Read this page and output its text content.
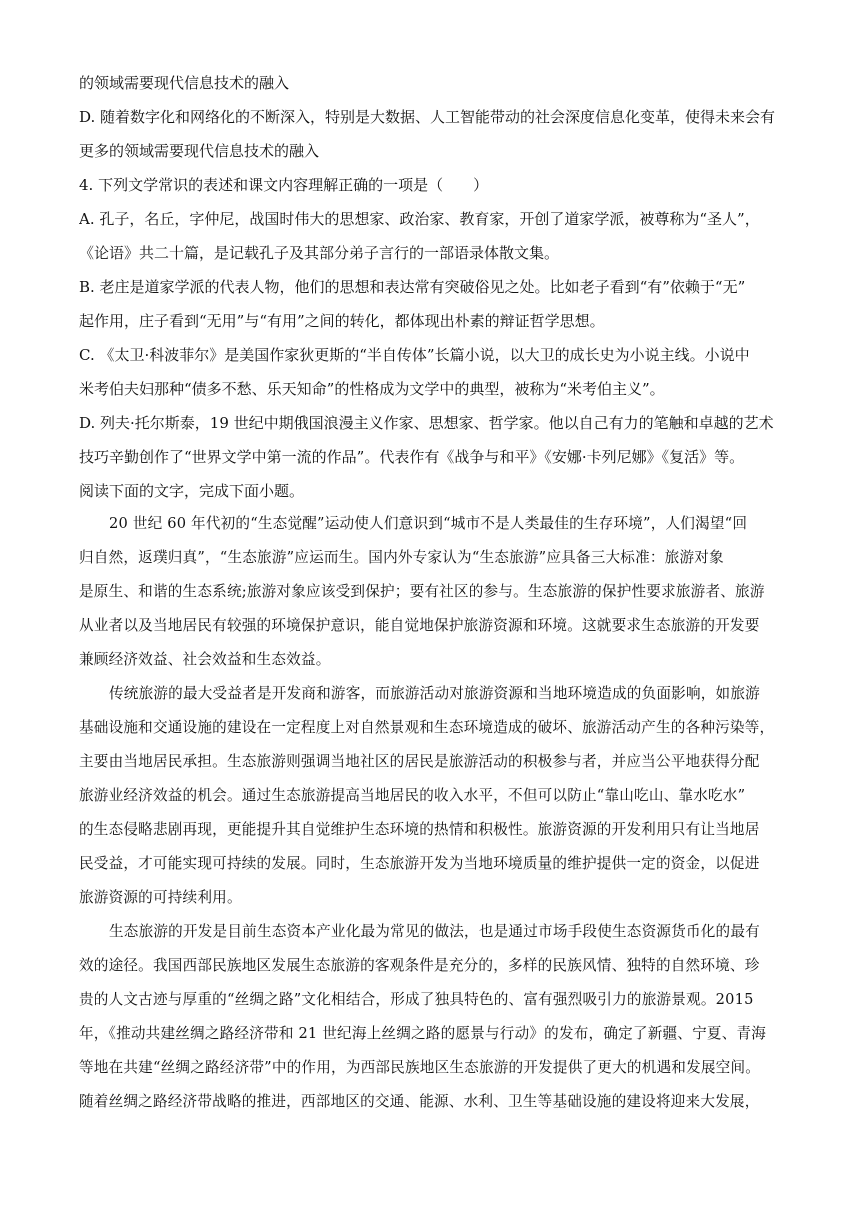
的领域需要现代信息技术的融入
D. 随着数字化和网络化的不断深入，特别是大数据、人工智能带动的社会深度信息化变革，使得未来会有
更多的领域需要现代信息技术的融入
4. 下列文学常识的表述和课文内容理解正确的一项是（　　）
A. 孔子，名丘，字仲尼，战国时伟大的思想家、政治家、教育家，开创了道家学派，被尊称为“圣人”，
《论语》共二十篇，是记载孔子及其部分弟子言行的一部语录体散文集。
B. 老庄是道家学派的代表人物，他们的思想和表达常有突破俗见之处。比如老子看到“有”依赖于“无”
起作用，庄子看到“无用”与“有用”之间的转化，都体现出朴素的辩证哲学思想。
C. 《太卫·科波菲尔》是美国作家狄更斯的“半自传体”长篇小说，以大卫的成长史为小说主线。小说中
米考伯夫妇那种“债多不愁、乐天知命”的性格成为文学中的典型，被称为“米考伯主义”。
D. 列夫·托尔斯泰，19 世纪中期俄国浪漫主义作家、思想家、哲学家。他以自己有力的笔触和卓越的艺术
技巧辛勤创作了“世界文学中第一流的作品”。代表作有《战争与和平》《安娜·卡列尼娜》《复活》等。
阅读下面的文字，完成下面小题。
20 世纪 60 年代初的“生态觉醒”运动使人们意识到“城市不是人类最佳的生存环境”，人们渴望“回
归自然，返璞归真”，“生态旅游”应运而生。国内外专家认为“生态旅游”应具备三大标准：旅游对象
是原生、和谐的生态系统;旅游对象应该受到保护；要有社区的参与。生态旅游的保护性要求旅游者、旅游
从业者以及当地居民有较强的环境保护意识，能自觉地保护旅游资源和环境。这就要求生态旅游的开发要
兼顾经济效益、社会效益和生态效益。
传统旅游的最大受益者是开发商和游客，而旅游活动对旅游资源和当地环境造成的负面影响，如旅游
基础设施和交通设施的建设在一定程度上对自然景观和生态环境造成的破坏、旅游活动产生的各种污染等，
主要由当地居民承担。生态旅游则强调当地社区的居民是旅游活动的积极参与者，并应当公平地获得分配
旅游业经济效益的机会。通过生态旅游提高当地居民的收入水平，不但可以防止“靠山吃山、靠水吃水”
的生态侵略悲剧再现，更能提升其自觉维护生态环境的热情和积极性。旅游资源的开发利用只有让当地居
民受益，才可能实现可持续的发展。同时，生态旅游开发为当地环境质量的维护提供一定的资金，以促进
旅游资源的可持续利用。
生态旅游的开发是目前生态资本产业化最为常见的做法，也是通过市场手段使生态资源货币化的最有
效的途径。我国西部民族地区发展生态旅游的客观条件是充分的，多样的民族风情、独特的自然环境、珍
贵的人文古迹与厚重的“丝绸之路”文化相结合，形成了独具特色的、富有强烈吸引力的旅游景观。2015
年，《推动共建丝绸之路经济带和 21 世纪海上丝绸之路的愿景与行动》的发布，确定了新疆、宁夏、青海
等地在共建“丝绸之路经济带”中的作用，为西部民族地区生态旅游的开发提供了更大的机遇和发展空间。
随着丝绸之路经济带战略的推进，西部地区的交通、能源、水利、卫生等基础设施的建设将迎来大发展，
